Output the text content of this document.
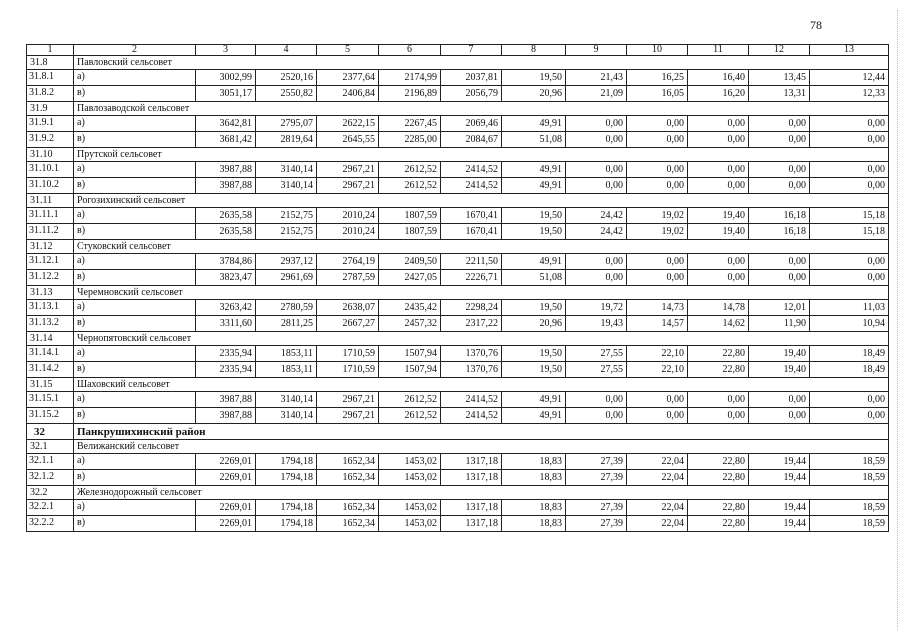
78
1	2	3	4	5	6	7	8	9	10	11	12	13
31.8	Павловский сельсовет											
31.8.1	а)	3002,99	2520,16	2377,64	2174,99	2037,81	19,50	21,43	16,25	16,40	13,45	12,44
31.8.2	в)	3051,17	2550,82	2406,84	2196,89	2056,79	20,96	21,09	16,05	16,20	13,31	12,33
31.9	Павлозаводской сельсовет											
31.9.1	а)	3642,81	2795,07	2622,15	2267,45	2069,46	49,91	0,00	0,00	0,00	0,00	0,00
31.9.2	в)	3681,42	2819,64	2645,55	2285,00	2084,67	51,08	0,00	0,00	0,00	0,00	0,00
31.10	Прутской сельсовет											
31.10.1	а)	3987,88	3140,14	2967,21	2612,52	2414,52	49,91	0,00	0,00	0,00	0,00	0,00
31.10.2	в)	3987,88	3140,14	2967,21	2612,52	2414,52	49,91	0,00	0,00	0,00	0,00	0,00
31.11	Рогозихинский сельсовет											
31.11.1	а)	2635,58	2152,75	2010,24	1807,59	1670,41	19,50	24,42	19,02	19,40	16,18	15,18
31.11.2	в)	2635,58	2152,75	2010,24	1807,59	1670,41	19,50	24,42	19,02	19,40	16,18	15,18
31.12	Стуковский сельсовет											
31.12.1	а)	3784,86	2937,12	2764,19	2409,50	2211,50	49,91	0,00	0,00	0,00	0,00	0,00
31.12.2	в)	3823,47	2961,69	2787,59	2427,05	2226,71	51,08	0,00	0,00	0,00	0,00	0,00
31.13	Черемновский сельсовет											
31.13.1	а)	3263,42	2780,59	2638,07	2435,42	2298,24	19,50	19,72	14,73	14,78	12,01	11,03
31.13.2	в)	3311,60	2811,25	2667,27	2457,32	2317,22	20,96	19,43	14,57	14,62	11,90	10,94
31.14	Чернопятовский сельсовет											
31.14.1	а)	2335,94	1853,11	1710,59	1507,94	1370,76	19,50	27,55	22,10	22,80	19,40	18,49
31.14.2	в)	2335,94	1853,11	1710,59	1507,94	1370,76	19,50	27,55	22,10	22,80	19,40	18,49
31.15	Шаховский сельсовет											
31.15.1	а)	3987,88	3140,14	2967,21	2612,52	2414,52	49,91	0,00	0,00	0,00	0,00	0,00
31.15.2	в)	3987,88	3140,14	2967,21	2612,52	2414,52	49,91	0,00	0,00	0,00	0,00	0,00
32	Панкрушихинский район											
32.1	Велижанский сельсовет											
32.1.1	а)	2269,01	1794,18	1652,34	1453,02	1317,18	18,83	27,39	22,04	22,80	19,44	18,59
32.1.2	в)	2269,01	1794,18	1652,34	1453,02	1317,18	18,83	27,39	22,04	22,80	19,44	18,59
32.2	Железнодорожный сельсовет											
32.2.1	а)	2269,01	1794,18	1652,34	1453,02	1317,18	18,83	27,39	22,04	22,80	19,44	18,59
32.2.2	в)	2269,01	1794,18	1652,34	1453,02	1317,18	18,83	27,39	22,04	22,80	19,44	18,59
